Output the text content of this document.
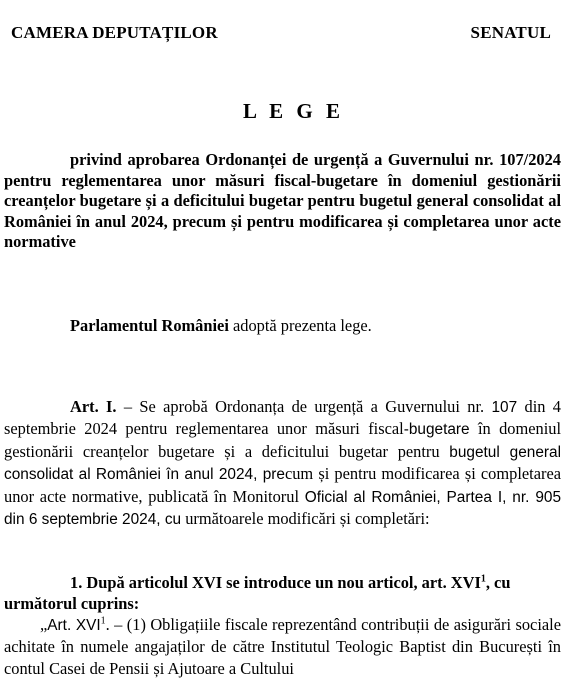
CAMERA DEPUTAȚILOR	SENATUL
L E G E
privind aprobarea Ordonanței de urgență a Guvernului nr. 107/2024 pentru reglementarea unor măsuri fiscal-bugetare în domeniul gestionării creanțelor bugetare și a deficitului bugetar pentru bugetul general consolidat al României în anul 2024, precum și pentru modificarea și completarea unor acte normative
Parlamentul României adoptă prezenta lege.
Art. I. – Se aprobă Ordonanța de urgență a Guvernului nr. 107 din 4 septembrie 2024 pentru reglementarea unor măsuri fiscal-bugetare în domeniul gestionării creanțelor bugetare și a deficitului bugetar pentru bugetul general consolidat al României în anul 2024, precum și pentru modificarea și completarea unor acte normative, publicată în Monitorul Oficial al României, Partea I, nr. 905 din 6 septembrie 2024, cu următoarele modificări și completări:
1. După articolul XVI se introduce un nou articol, art. XVI$^1$, cu următorul cuprins:
„Art. XVI$^1$. – (1) Obligațiile fiscale reprezentând contribuții de asigurări sociale achitate în numele angajaților de către Institutul Teologic Baptist din București în contul Casei de Pensii și Ajutoare a Cultului
